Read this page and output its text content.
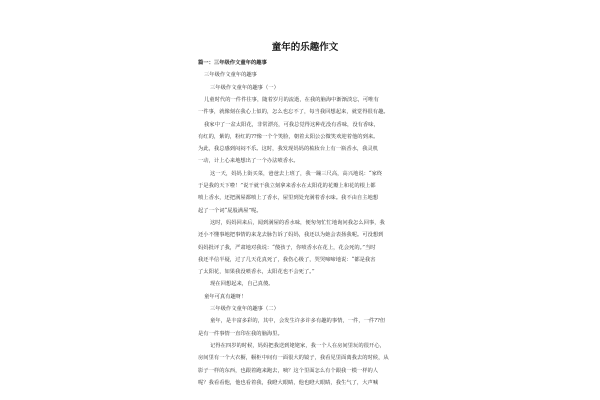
童年的乐趣作文
篇一：三年级作文童年的趣事
三年级作文童年的趣事
三年级作文童年的趣事（一）
儿童时代的一件件往事，随着岁月的流逝，在我的脑海中渐渐淡忘，可唯有
一件事，就像刻在我心上似的，怎么也忘不了，每当我回想起来，就觉得很有趣。
我家中了一盆太阳花，非常漂亮，可我总觉得这种花没有香味，没有香味，
有红的，紫的，粉红的??像一个个笑脸，朝着太阳公公微笑欢迎着他的到来。
为此，我总感到闷闷不乐。这时，我发现妈妈的梳妆台上有一瓶香水，我灵机
一动，计上心来地想出了一个办法喷香水。
这一天，妈妈上街买菜，爸爸去上班了，我一蹦三尺高，高兴地说：“家终
于是我的天下啦！”说干就干我立刻拿来香水在太阳花的花瓣上和花的根上都
喷上香水，还把满屋都喷上了香水，屋里到处充满着香水味。我不由自主地想
起了一个词“屁股满屋”呢。
这时，妈妈回来后，闻到满屋的香水味，便匆匆忙忙地询问我怎么回事，我
还小不懂事地把事情的来龙去脉告诉了妈妈，我还以为她会表扬我呢。可没想到
妈妈批评了我，严肃地对我说：“傻孩子，你喷香水在花上，花会死的。”当时
我还半信半疑，过了几天花真死了，我伤心极了，哭哭啼啼地说：“都是我害
了太阳花，如果我没喷香水，太阳花也不会死了。”
现在回想起来，自己真傻。
童年可真有趣呀！
三年级作文童年的趣事（二）
童年，是丰富多彩的，其中，会发生许多许多有趣的事情，一件，一件??但
是有一件事情一直印在我的脑海里。
记得在四岁的时候，妈妈把我送到姥姥家，我一个人在房间里玩的很开心，
房间里有一个大衣橱，橱柜中间有一面很大的镜子，我看见里面离我去的时候，从
影子一样的东西，也跟着跑来跑去，咦？这个里面怎么有个跟我一模一样的人
呢？我看看他，他也看着我，我瞪大眼睛，他也瞪大眼睛，我生气了，大声喊
